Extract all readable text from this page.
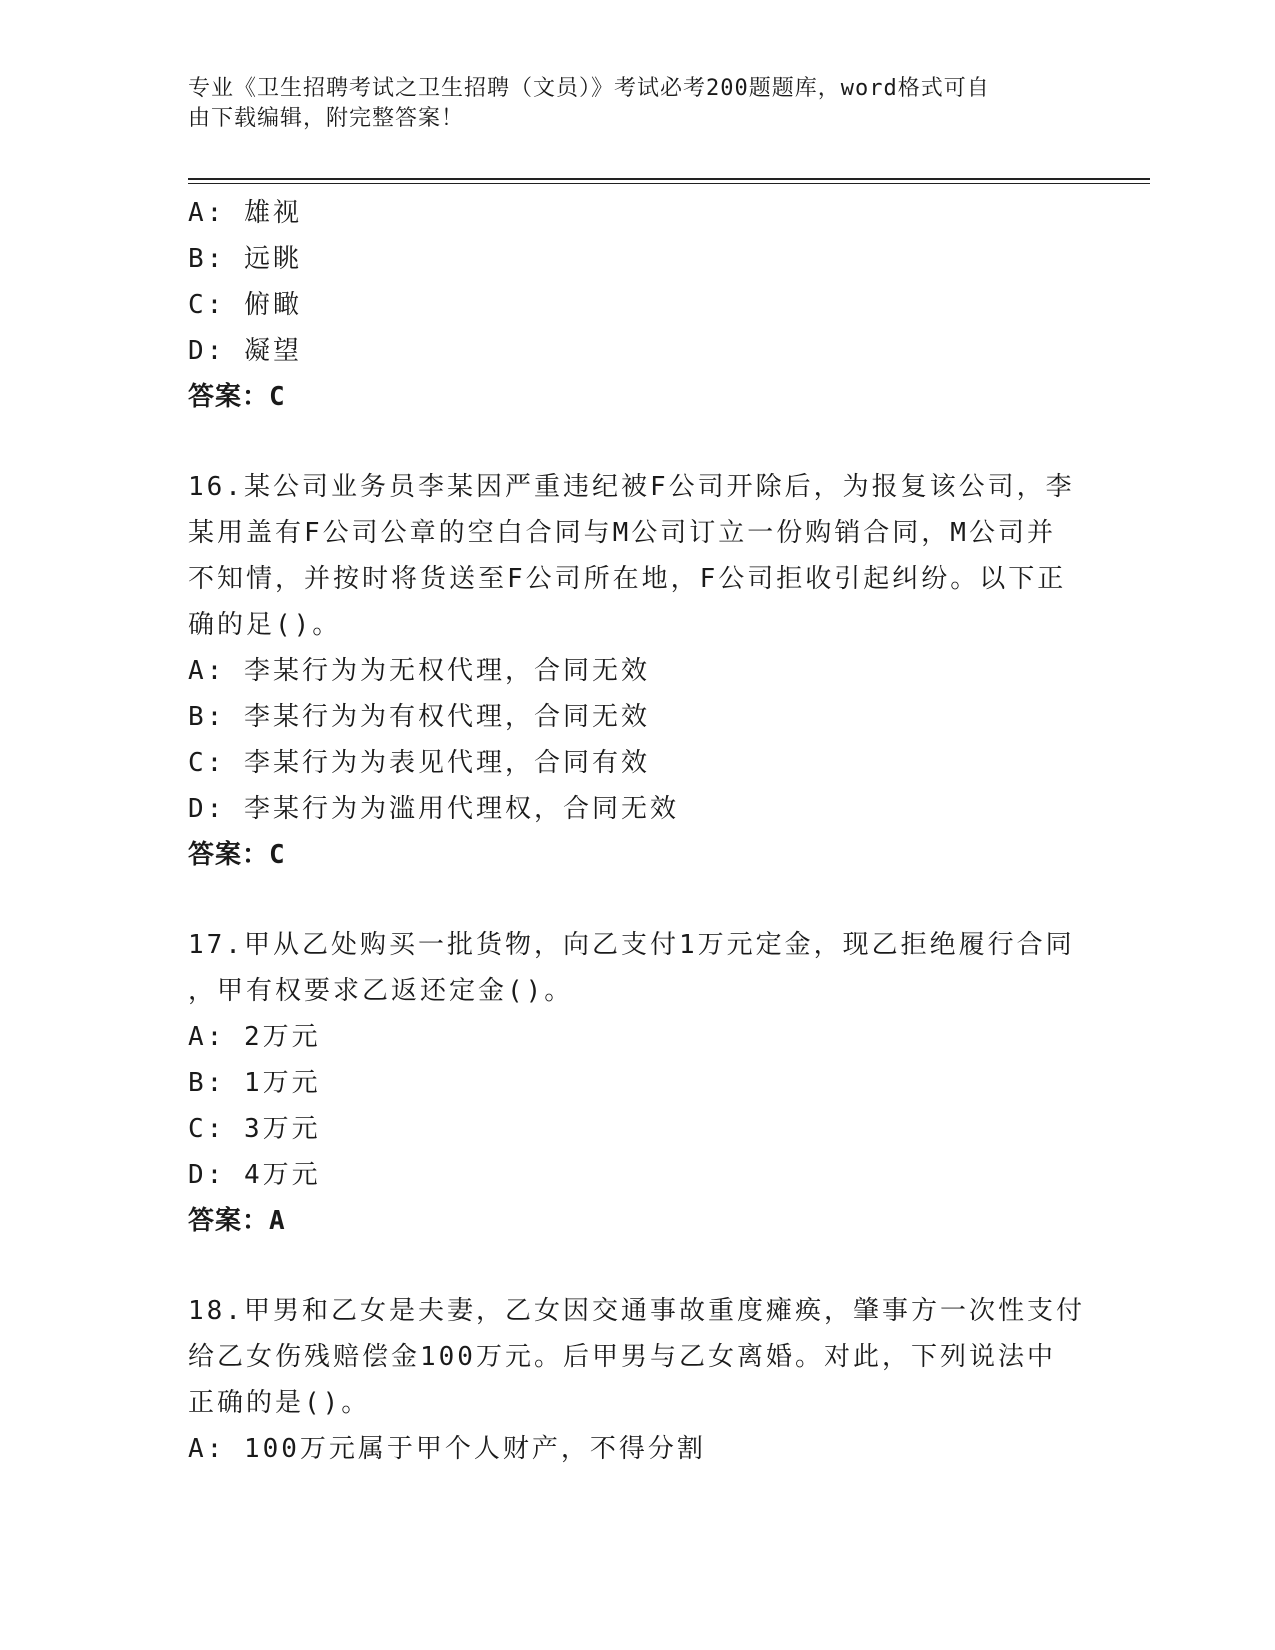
专业《卫生招聘考试之卫生招聘（文员）》考试必考200题题库，word格式可自
由下载编辑，附完整答案！
A: 雄视
B: 远眺
C: 俯瞰
D: 凝望
答案：C
16.某公司业务员李某因严重违纪被F公司开除后，为报复该公司，李
某用盖有F公司公章的空白合同与M公司订立一份购销合同，M公司并
不知情，并按时将货送至F公司所在地，F公司拒收引起纠纷。以下正
确的足()。
A: 李某行为为无权代理，合同无效
B: 李某行为为有权代理，合同无效
C: 李某行为为表见代理，合同有效
D: 李某行为为滥用代理权，合同无效
答案：C
17.甲从乙处购买一批货物，向乙支付1万元定金，现乙拒绝履行合同
，甲有权要求乙返还定金()。
A: 2万元
B: 1万元
C: 3万元
D: 4万元
答案：A
18.甲男和乙女是夫妻，乙女因交通事故重度瘫痪，肇事方一次性支付
给乙女伤残赔偿金100万元。后甲男与乙女离婚。对此，下列说法中
正确的是()。
A: 100万元属于甲个人财产，不得分割
